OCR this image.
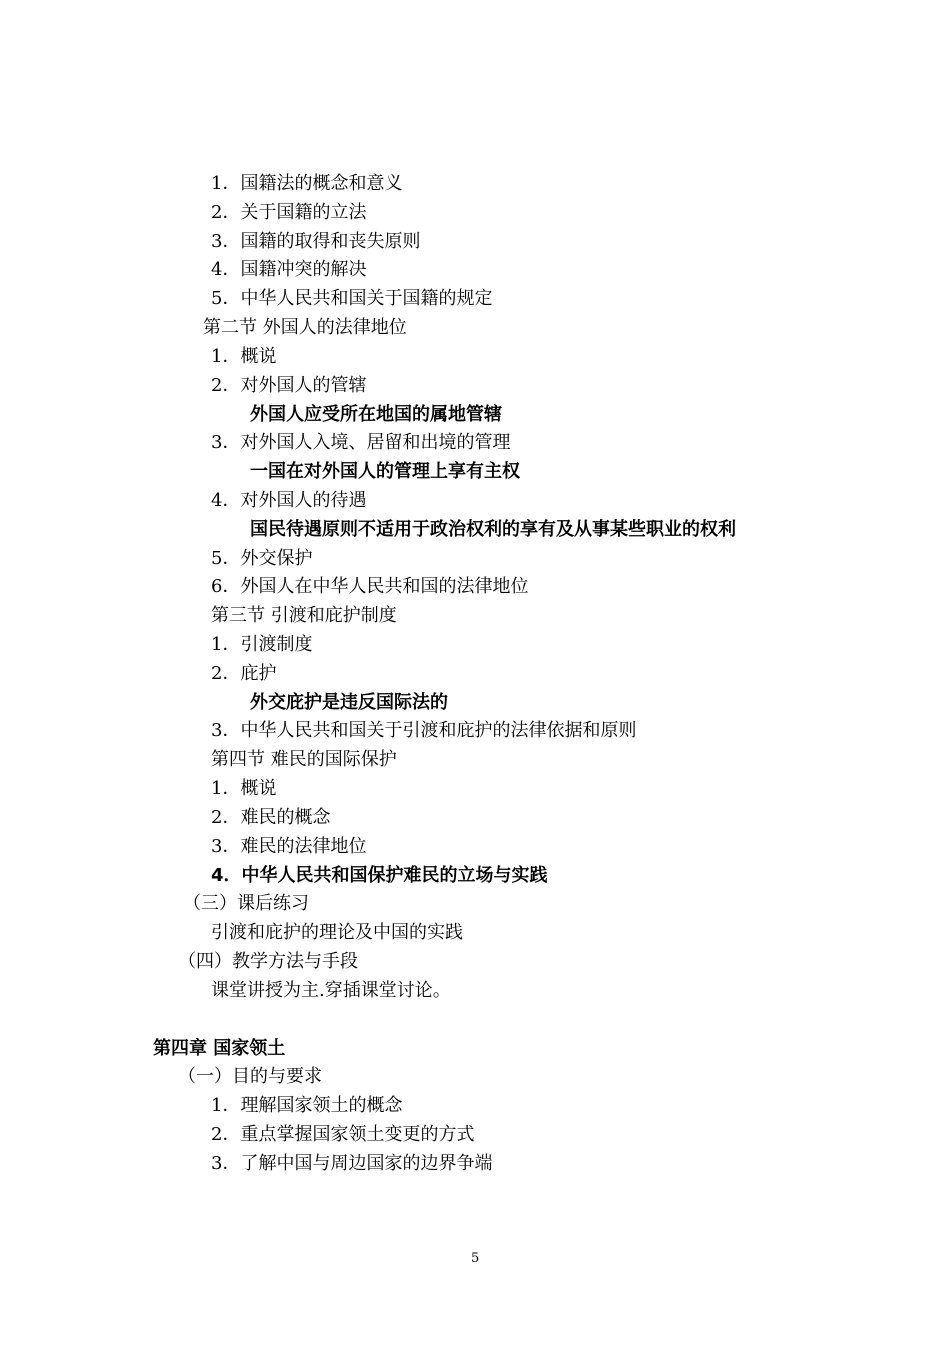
1．国籍法的概念和意义
2．关于国籍的立法
3．国籍的取得和丧失原则
4．国籍冲突的解决
5．中华人民共和国关于国籍的规定
第二节 外国人的法律地位
1．概说
2．对外国人的管辖
外国人应受所在地国的属地管辖
3．对外国人入境、居留和出境的管理
一国在对外国人的管理上享有主权
4．对外国人的待遇
国民待遇原则不适用于政治权利的享有及从事某些职业的权利
5．外交保护
6．外国人在中华人民共和国的法律地位
第三节 引渡和庇护制度
1．引渡制度
2．庇护
外交庇护是违反国际法的
3．中华人民共和国关于引渡和庇护的法律依据和原则
第四节 难民的国际保护
1．概说
2．难民的概念
3．难民的法律地位
4．中华人民共和国保护难民的立场与实践
（三）课后练习
引渡和庇护的理论及中国的实践
（四）教学方法与手段
课堂讲授为主.穿插课堂讨论。
第四章 国家领土
（一）目的与要求
1．理解国家领土的概念
2．重点掌握国家领土变更的方式
3．了解中国与周边国家的边界争端
5
